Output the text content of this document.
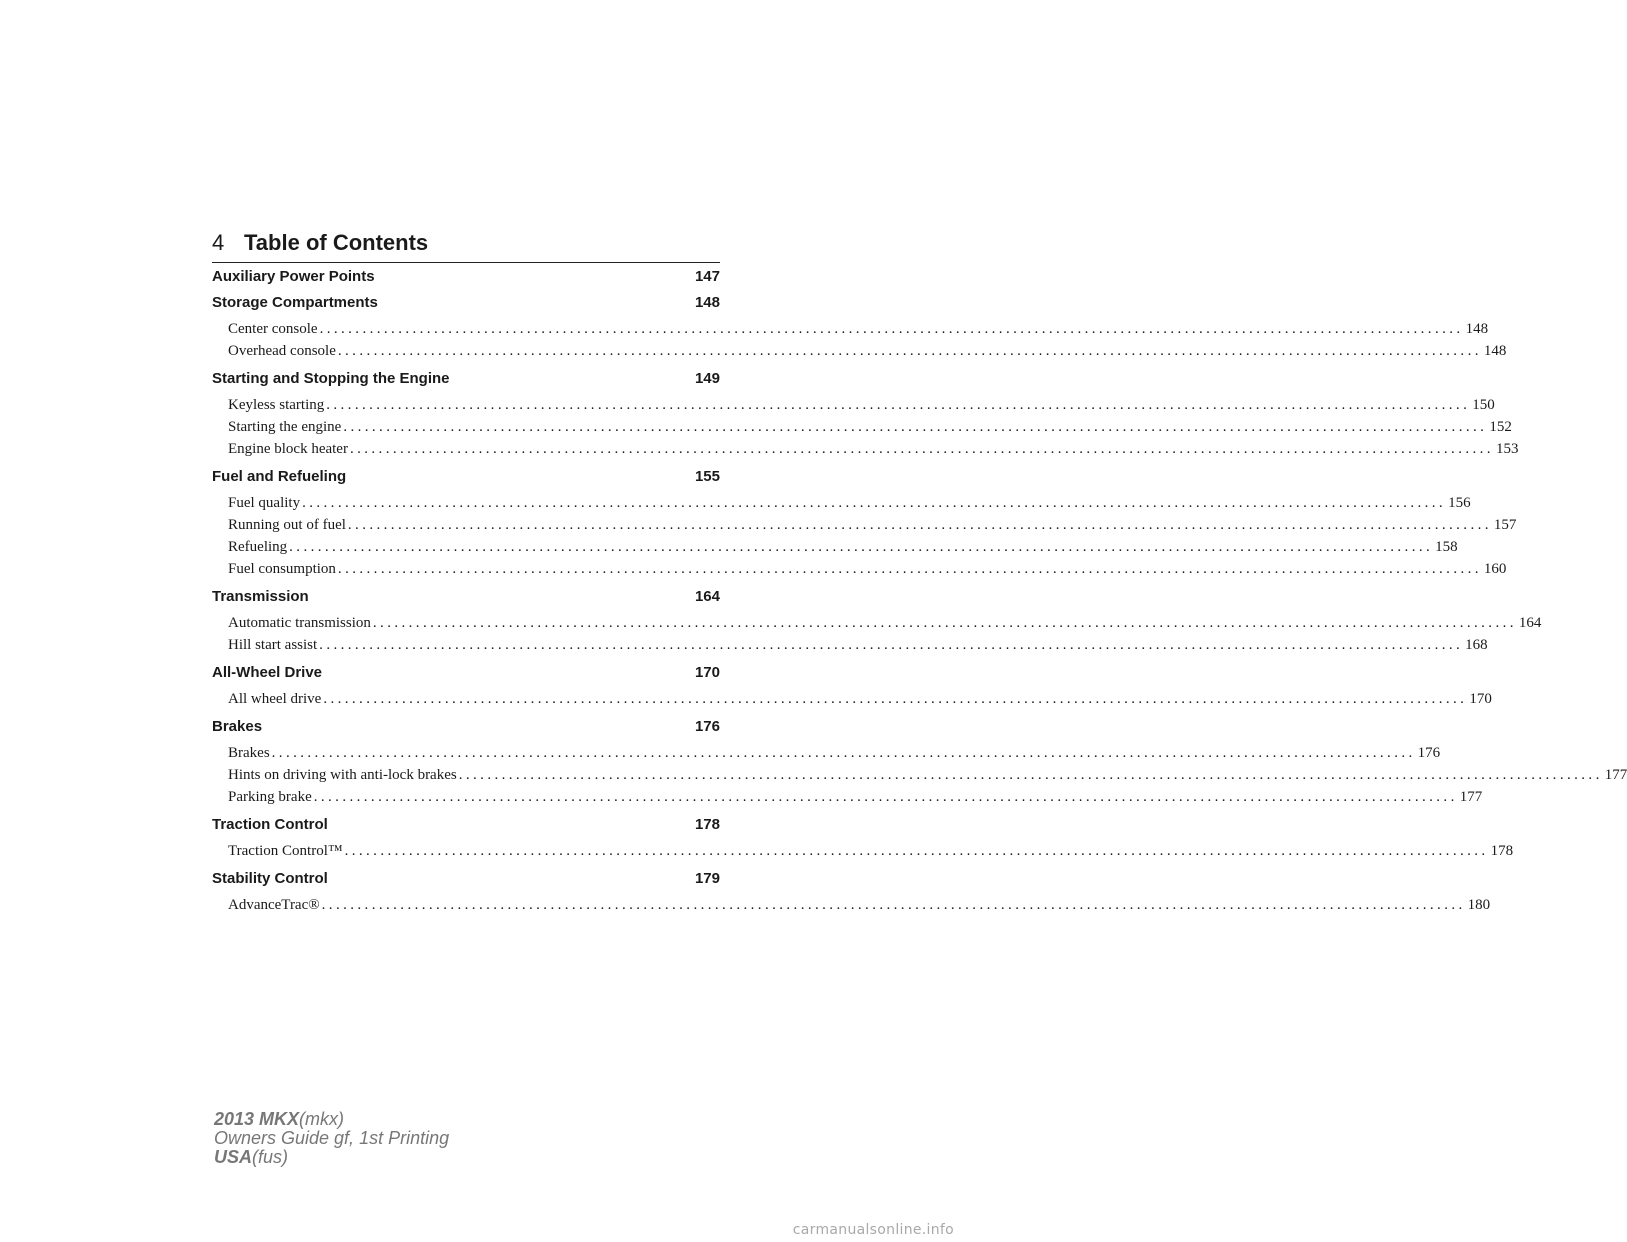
4 Table of Contents
Auxiliary Power Points	147
Storage Compartments	148
Center console ................................................................................................................................................................ 148
Overhead console ................................................................................................................................................................ 148
Starting and Stopping the Engine	149
Keyless starting ................................................................................................................................................................ 150
Starting the engine ................................................................................................................................................................ 152
Engine block heater ................................................................................................................................................................ 153
Fuel and Refueling	155
Fuel quality ................................................................................................................................................................ 156
Running out of fuel ................................................................................................................................................................ 157
Refueling ................................................................................................................................................................ 158
Fuel consumption ................................................................................................................................................................ 160
Transmission	164
Automatic transmission ................................................................................................................................................................ 164
Hill start assist ................................................................................................................................................................ 168
All-Wheel Drive	170
All wheel drive ................................................................................................................................................................ 170
Brakes	176
Brakes ................................................................................................................................................................ 176
Hints on driving with anti-lock brakes ................................................................................................................................................................ 177
Parking brake ................................................................................................................................................................ 177
Traction Control	178
Traction Control™ ................................................................................................................................................................ 178
Stability Control	179
AdvanceTrac® ................................................................................................................................................................ 180
2013 MKX(mkx)
Owners Guide gf, 1st Printing
USA(fus)
carmanualsonline.info
